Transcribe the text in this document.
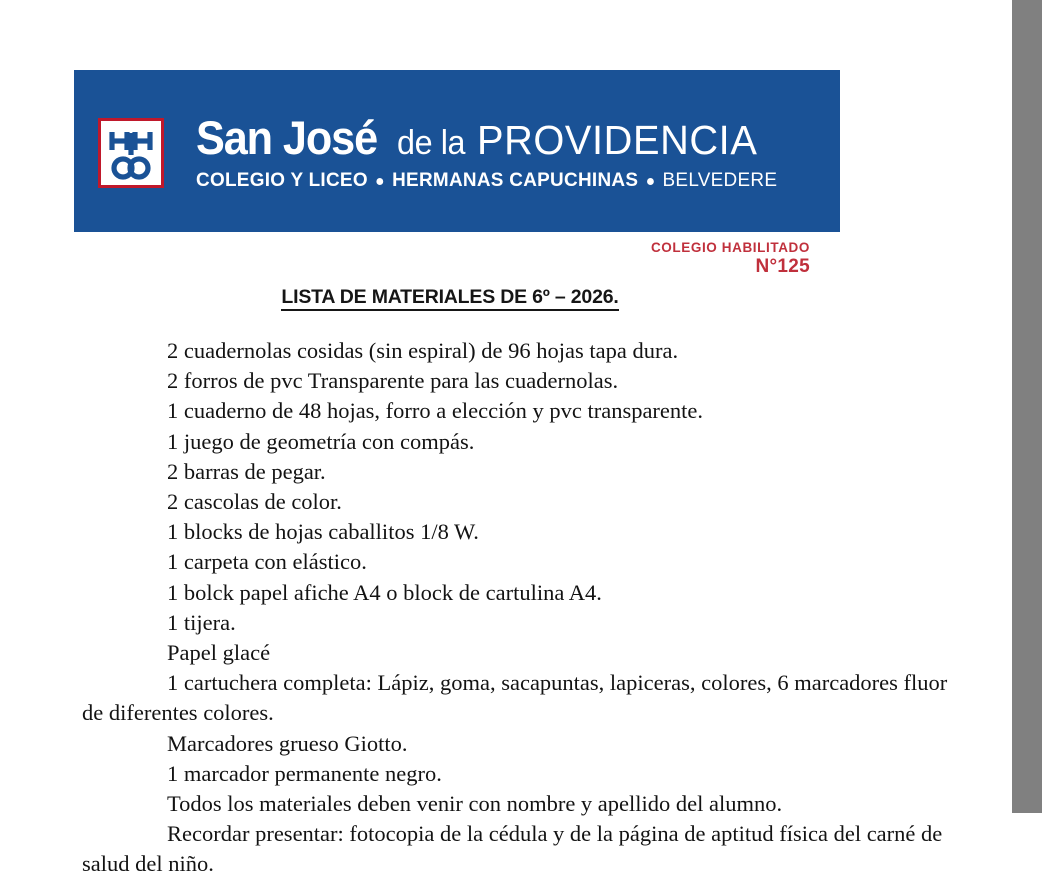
San José de la PROVIDENCIA
COLEGIO Y LICEO HERMANAS CAPUCHINAS BELVEDERE
COLEGIO HABILITADO
N°125
LISTA DE MATERIALES DE 6º – 2026.

2 cuadernolas cosidas (sin espiral) de 96 hojas tapa dura.

2 forros de pvc Transparente para las cuadernolas.

1 cuaderno de 48 hojas, forro a elección y pvc transparente.

1 juego de geometría con compás.

2 barras de pegar.

2 cascolas de color.

1 blocks de hojas caballitos 1/8 W.

1 carpeta con elástico.

1 bolck papel afiche A4 o block de cartulina A4.

1 tijera.

Papel glacé

1 cartuchera completa: Lápiz, goma, sacapuntas, lapiceras, colores, 6 marcadores fluor de diferentes colores.

Marcadores grueso Giotto.

1 marcador permanente negro.

Todos los materiales deben venir con nombre y apellido del alumno.

Recordar presentar: fotocopia de la cédula y de la página de aptitud física del carné de salud del niño.
